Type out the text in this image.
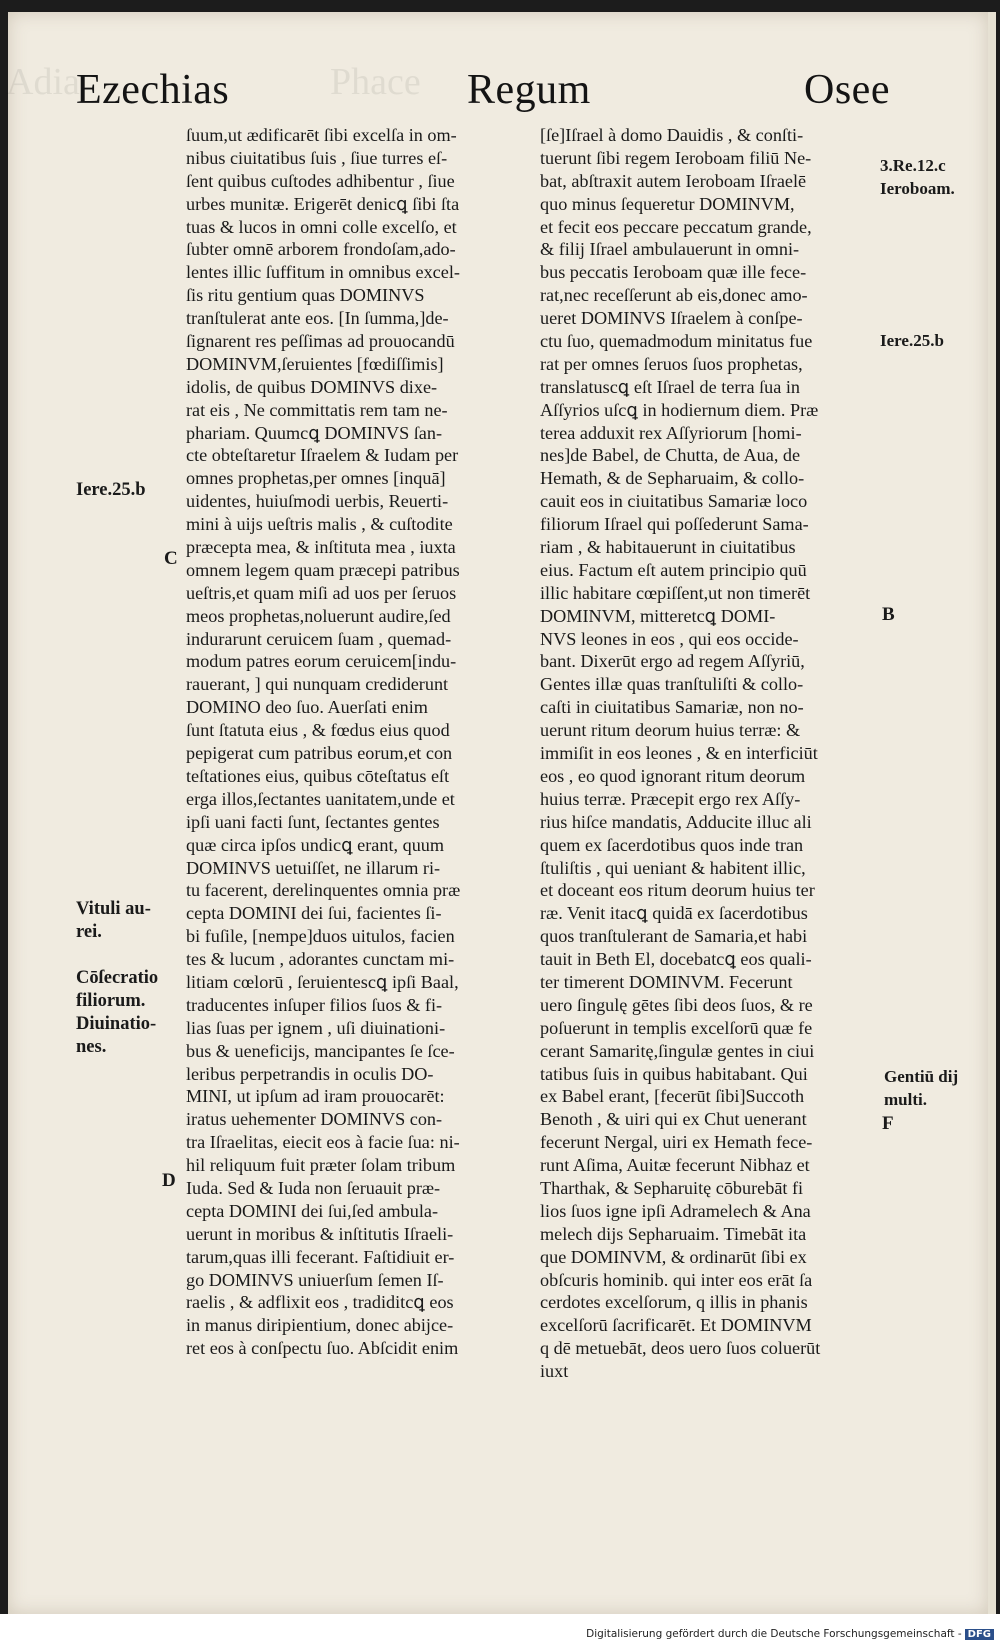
Adia	Phace
Ezechias	Regum	Osee
ſuum,ut ædificarēt ſibi excelſa in om-
nibus ciuitatibus ſuis , ſiue turres eſ-
ſent quibus cuſtodes adhibentur , ſiue
urbes munitæ. Erigerēt denicꝗ ſibi ſta
tuas & lucos in omni colle excelſo, et
ſubter omnē arborem frondoſam,ado-
lentes illic ſuffitum in omnibus excel-
ſis ritu gentium quas DOMINVS
tranſtulerat ante eos. [In ſumma,]de-
ſignarent res peſſimas ad prouocandū
DOMINVM,ſeruientes [fœdiſſimis]
idolis, de quibus DOMINVS dixe-
rat eis , Ne committatis rem tam ne-
phariam. Quumcꝗ DOMINVS ſan-
cte obteſtaretur Iſraelem & Iudam per
omnes prophetas,per omnes [inquā]
uidentes, huiuſmodi uerbis, Reuerti-
mini à uijs ueſtris malis , & cuſtodite
præcepta mea, & inſtituta mea , iuxta
omnem legem quam præcepi patribus
ueſtris,et quam miſi ad uos per ſeruos
meos prophetas,noluerunt audire,ſed
indurarunt ceruicem ſuam , quemad-
modum patres eorum ceruicem[indu-
rauerant, ] qui nunquam crediderunt
DOMINO deo ſuo. Auerſati enim
ſunt ſtatuta eius , & fœdus eius quod
pepigerat cum patribus eorum,et con
teſtationes eius, quibus cōteſtatus eſt
erga illos,ſectantes uanitatem,unde et
ipſi uani facti ſunt, ſectantes gentes
quæ circa ipſos undicꝗ erant, quum
DOMINVS uetuiſſet, ne illarum ri-
tu facerent, derelinquentes omnia præ
cepta DOMINI dei ſui, facientes ſi-
bi fuſile, [nempe]duos uitulos, facien
tes & lucum , adorantes cunctam mi-
litiam cœlorū , ſeruientescꝗ ipſi Baal,
traducentes inſuper filios ſuos & fi-
lias ſuas per ignem , uſi diuinationi-
bus & ueneficijs, mancipantes ſe ſce-
leribus perpetrandis in oculis DO-
MINI, ut ipſum ad iram prouocarēt:
iratus uehementer DOMINVS con-
tra Iſraelitas, eiecit eos à facie ſua: ni-
hil reliquum fuit præter ſolam tribum
Iuda. Sed & Iuda non ſeruauit præ-
cepta DOMINI dei ſui,ſed ambula-
uerunt in moribus & inſtitutis Iſraeli-
tarum,quas illi fecerant. Faſtidiuit er-
go DOMINVS uniuerſum ſemen Iſ-
raelis , & adflixit eos , tradiditcꝗ eos
in manus diripientium, donec abijce-
ret eos à conſpectu ſuo. Abſcidit enim
[ſe]Iſrael à domo Dauidis , & conſti-
tuerunt ſibi regem Ieroboam filiū Ne-
bat, abſtraxit autem Ieroboam Iſraelē
quo minus ſequeretur DOMINVM,
et fecit eos peccare peccatum grande,
& filij Iſrael ambulauerunt in omni-
bus peccatis Ieroboam quæ ille fece-
rat,nec receſſerunt ab eis,donec amo-
ueret DOMINVS Iſraelem à conſpe-
ctu ſuo, quemadmodum minitatus fue
rat per omnes ſeruos ſuos prophetas,
translatuscꝗ eſt Iſrael de terra ſua in
Aſſyrios uſcꝗ in hodiernum diem. Præ
terea adduxit rex Aſſyriorum [homi-
nes]de Babel, de Chutta, de Aua, de
Hemath, & de Sepharuaim, & collo-
cauit eos in ciuitatibus Samariæ loco
filiorum Iſrael qui poſſederunt Sama-
riam , & habitauerunt in ciuitatibus
eius. Factum eſt autem principio quū
illic habitare cœpiſſent,ut non timerēt
DOMINVM, mitteretcꝗ DOMI-
NVS leones in eos , qui eos occide-
bant. Dixerūt ergo ad regem Aſſyriū,
Gentes illæ quas tranſtuliſti & collo-
caſti in ciuitatibus Samariæ, non no-
uerunt ritum deorum huius terræ: &
immiſit in eos leones , & en interficiūt
eos , eo quod ignorant ritum deorum
huius terræ. Præcepit ergo rex Aſſy-
rius hiſce mandatis, Adducite illuc ali
quem ex ſacerdotibus quos inde tran
ſtuliſtis , qui ueniant & habitent illic,
et doceant eos ritum deorum huius ter
ræ. Venit itacꝗ quidā ex ſacerdotibus
quos tranſtulerant de Samaria,et habi
tauit in Beth El, docebatcꝗ eos quali-
ter timerent DOMINVM. Fecerunt
uero ſingulę gētes ſibi deos ſuos, & re
poſuerunt in templis excelſorū quæ fe
cerant Samaritę,ſingulæ gentes in ciui
tatibus ſuis in quibus habitabant. Qui
ex Babel erant, [fecerūt ſibi]Succoth
Benoth , & uiri qui ex Chut uenerant
fecerunt Nergal, uiri ex Hemath fece-
runt Aſima, Auitæ fecerunt Nibhaz et
Tharthak, & Sepharuitę cōburebāt fi
lios ſuos igne ipſi Adramelech & Ana
melech dijs Sepharuaim. Timebāt ita
que DOMINVM, & ordinarūt ſibi ex
obſcuris hominib. qui inter eos erāt ſa
cerdotes excelſorum, q illis in phanis
excelſorū ſacrificarēt. Et DOMINVM
q dē metuebāt, deos uero ſuos coluerūt
iuxt
Iere.25.b
Vituli au-
rei.
Cōſecratio
filiorum.
Diuinatio-
nes.
3.Re.12.c
Ieroboam.
Iere.25.b
Gentiū dij
multi.
C
D
B
F
Digitalisierung gefördert durch die Deutsche Forschungsgemeinschaft - DFG
